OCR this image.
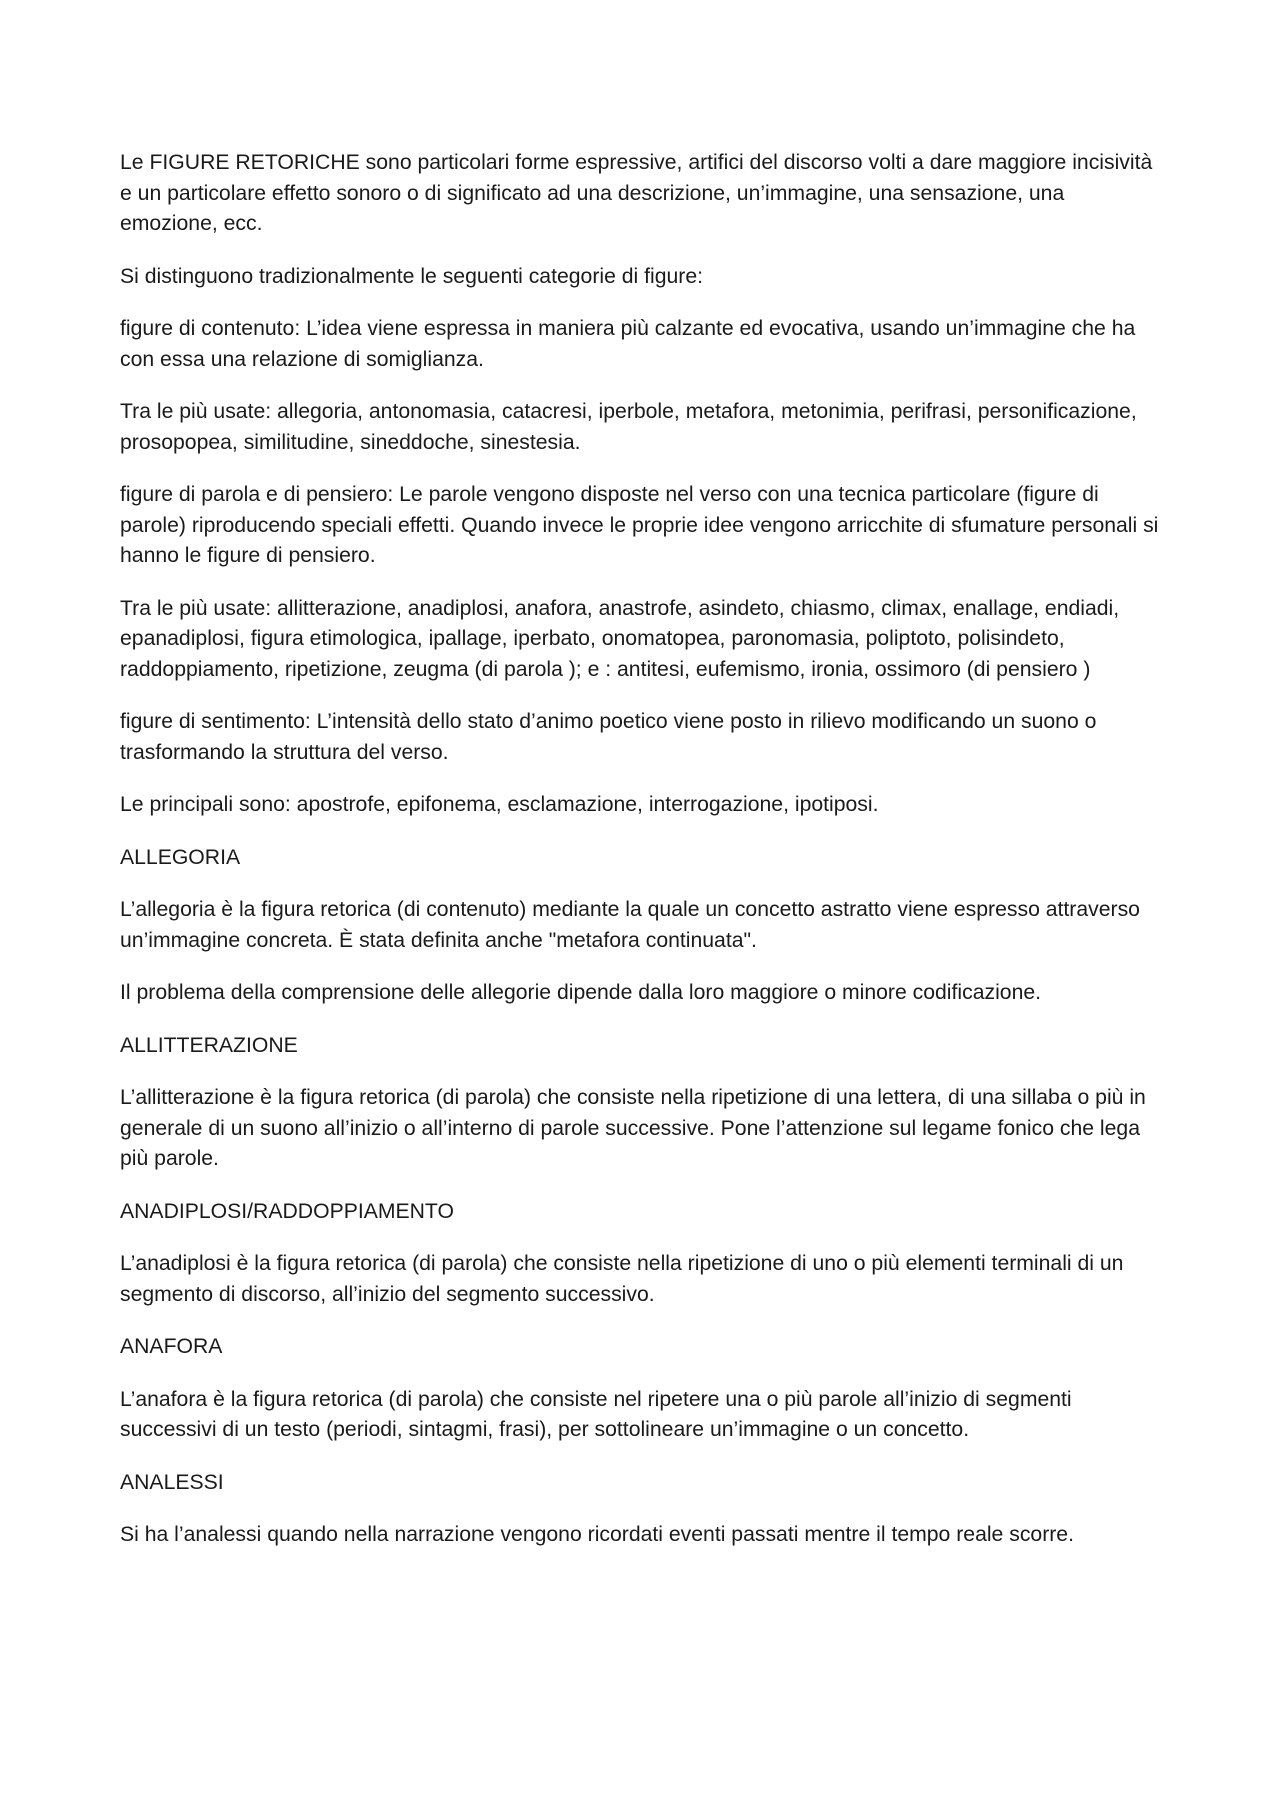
Le FIGURE RETORICHE sono particolari forme espressive, artifici del discorso volti a dare maggiore incisività e un particolare effetto sonoro o di significato ad una descrizione, un’immagine, una sensazione, una emozione, ecc.

Si distinguono tradizionalmente le seguenti categorie di figure:

figure di contenuto: L’idea viene espressa in maniera più calzante ed evocativa, usando un’immagine che ha con essa una relazione di somiglianza.

Tra le più usate: allegoria, antonomasia, catacresi, iperbole, metafora, metonimia, perifrasi, personificazione, prosopopea, similitudine, sineddoche, sinestesia.

figure di parola e di pensiero: Le parole vengono disposte nel verso con una tecnica particolare (figure di parole) riproducendo speciali effetti. Quando invece le proprie idee vengono arricchite di sfumature personali si hanno le figure di pensiero.

Tra le più usate: allitterazione, anadiplosi, anafora, anastrofe, asindeto, chiasmo, climax, enallage, endiadi, epanadiplosi, figura etimologica, ipallage, iperbato, onomatopea, paronomasia, poliptoto, polisindeto, raddoppiamento, ripetizione, zeugma (di parola ); e : antitesi, eufemismo, ironia, ossimoro (di pensiero )

figure di sentimento: L’intensità dello stato d’animo poetico viene posto in rilievo modificando un suono o trasformando la struttura del verso.

Le principali sono: apostrofe, epifonema, esclamazione, interrogazione, ipotiposi.

ALLEGORIA

L’allegoria è la figura retorica (di contenuto) mediante la quale un concetto astratto viene espresso attraverso un’immagine concreta. È stata definita anche "metafora continuata".

Il problema della comprensione delle allegorie dipende dalla loro maggiore o minore codificazione.

ALLITTERAZIONE

L’allitterazione è la figura retorica (di parola) che consiste nella ripetizione di una lettera, di una sillaba o più in generale di un suono all’inizio o all’interno di parole successive. Pone l’attenzione sul legame fonico che lega più parole.

ANADIPLOSI/RADDOPPIAMENTO

L’anadiplosi è la figura retorica (di parola) che consiste nella ripetizione di uno o più elementi terminali di un segmento di discorso, all’inizio del segmento successivo.

ANAFORA

L’anafora è la figura retorica (di parola) che consiste nel ripetere una o più parole all’inizio di segmenti successivi di un testo (periodi, sintagmi, frasi), per sottolineare un’immagine o un concetto.

ANALESSI

Si ha l’analessi quando nella narrazione vengono ricordati eventi passati mentre il tempo reale scorre.
